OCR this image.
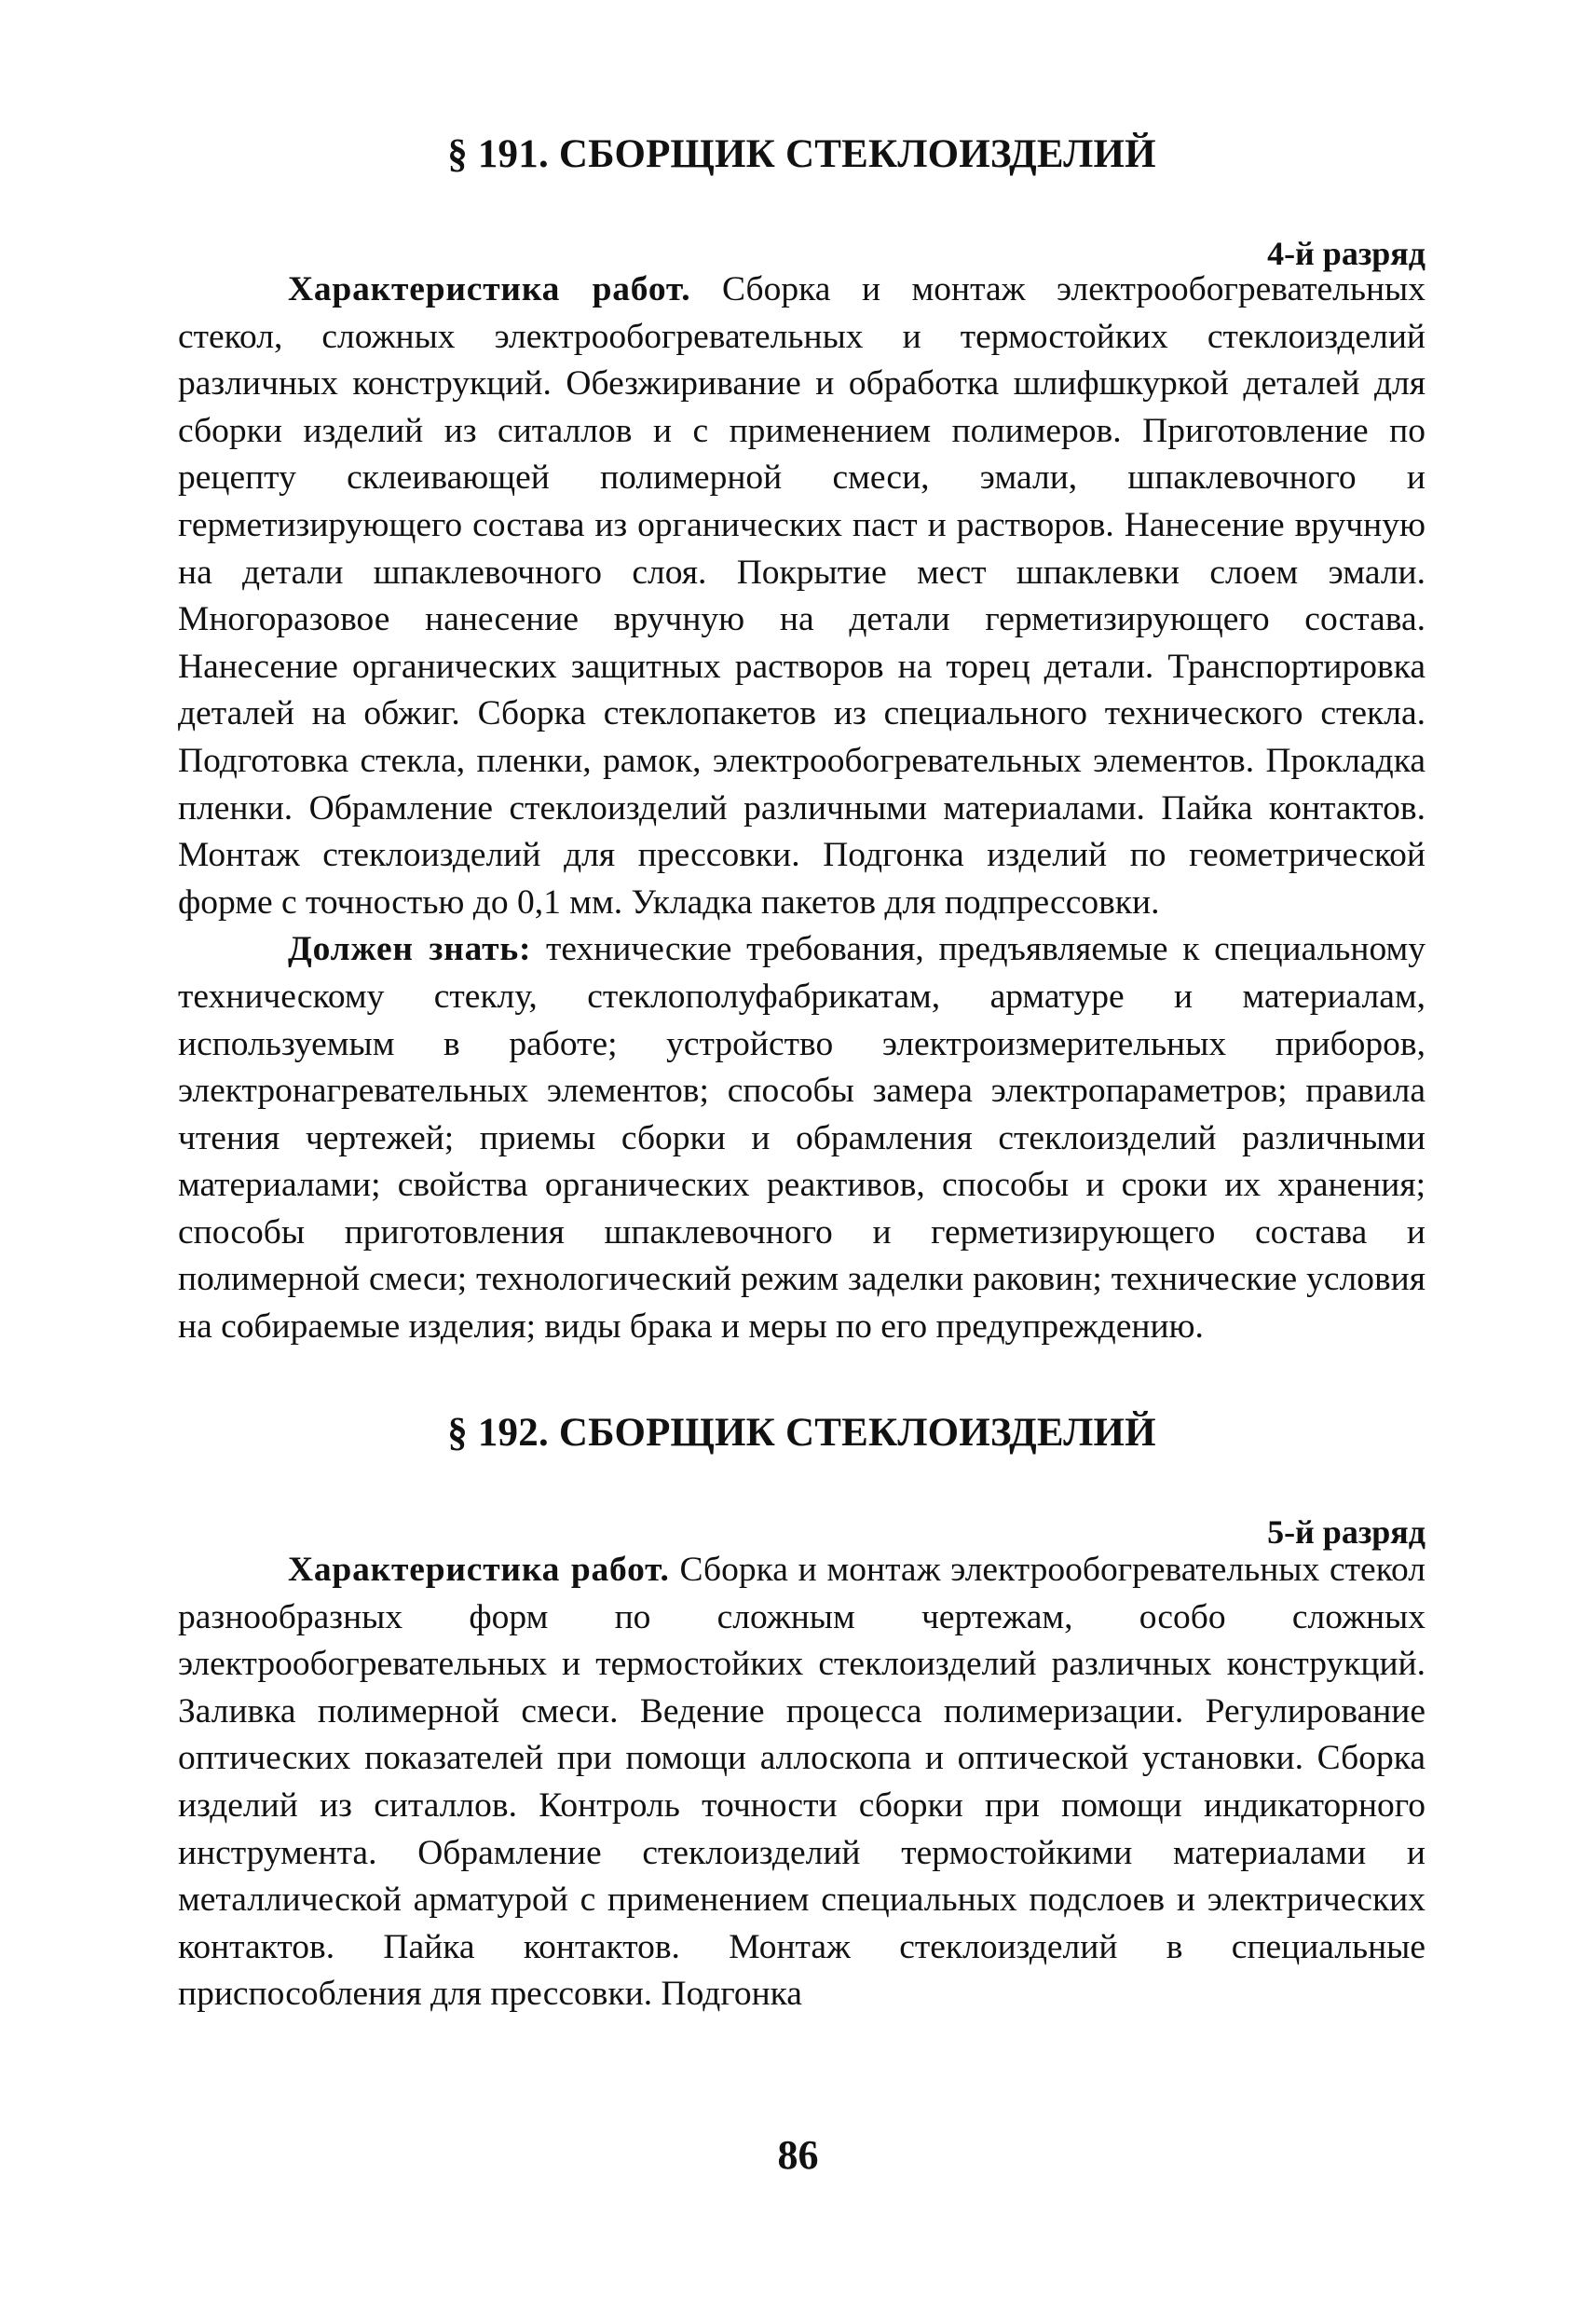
§ 191. СБОРЩИК СТЕКЛОИЗДЕЛИЙ

4-й разряд

Характеристика работ. Сборка и монтаж электрообогревательных стекол, сложных электрообогревательных и термостойких стеклоизделий различных конструкций. Обезжиривание и обработка шлифшкуркой деталей для сборки изделий из ситаллов и с применением полимеров. Приготовление по рецепту склеивающей полимерной смеси, эмали, шпаклевочного и герметизирующего состава из органических паст и растворов. Нанесение вручную на детали шпаклевочного слоя. Покрытие мест шпаклевки слоем эмали. Многоразовое нанесение вручную на детали герметизирующего состава. Нанесение органических защитных растворов на торец детали. Транспортировка деталей на обжиг. Сборка стеклопакетов из специального технического стекла. Подготовка стекла, пленки, рамок, электрообогревательных элементов. Прокладка пленки. Обрамление стеклоизделий различными материалами. Пайка контактов. Монтаж стеклоизделий для прессовки. Подгонка изделий по геометрической форме с точностью до 0,1 мм. Укладка пакетов для подпрессовки.

Должен знать: технические требования, предъявляемые к специальному техническому стеклу, стеклополуфабрикатам, арматуре и материалам, используемым в работе; устройство электроизмерительных приборов, электронагревательных элементов; способы замера электропараметров; правила чтения чертежей; приемы сборки и обрамления стеклоизделий различными материалами; свойства органических реактивов, способы и сроки их хранения; способы приготовления шпаклевочного и герметизирующего состава и полимерной смеси; технологический режим заделки раковин; технические условия на собираемые изделия; виды брака и меры по его предупреждению.

§ 192. СБОРЩИК СТЕКЛОИЗДЕЛИЙ

5-й разряд

Характеристика работ. Сборка и монтаж электрообогревательных стекол разнообразных форм по сложным чертежам, особо сложных электрообогревательных и термостойких стеклоизделий различных конструкций. Заливка полимерной смеси. Ведение процесса полимеризации. Регулирование оптических показателей при помощи аллоскопа и оптической установки. Сборка изделий из ситаллов. Контроль точности сборки при помощи индикаторного инструмента. Обрамление стеклоизделий термостойкими материалами и металлической арматурой с применением специальных подслоев и электрических контактов. Пайка контактов. Монтаж стеклоизделий в специальные приспособления для прессовки. Подгонка

86
